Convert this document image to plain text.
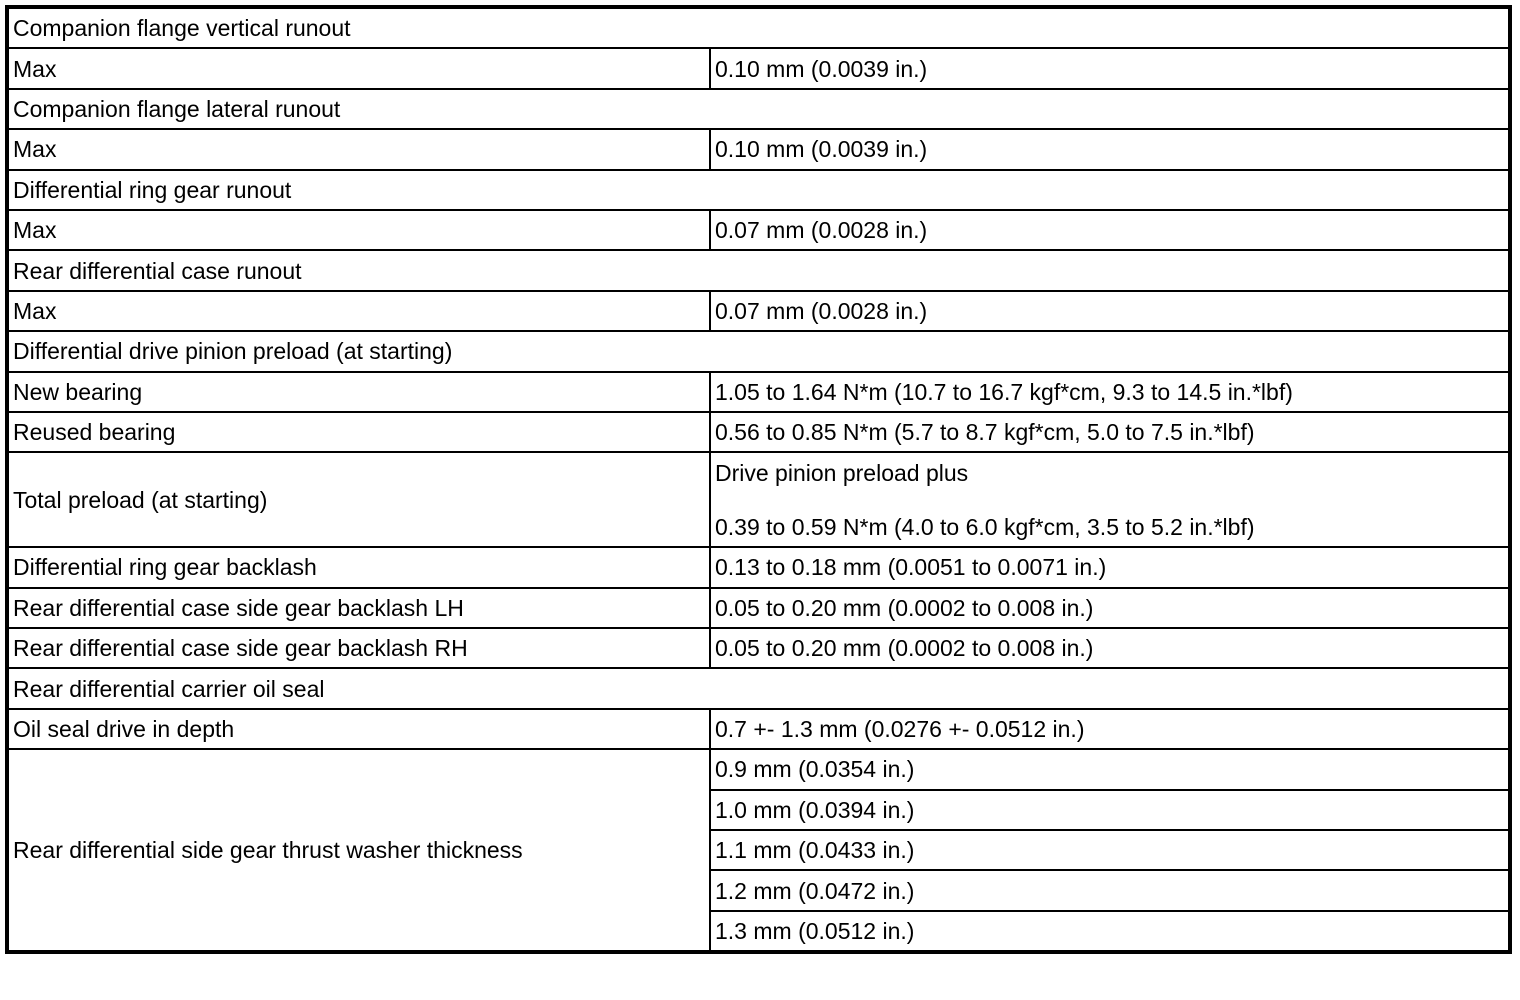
Companion flange vertical runout	
Max	0.10 mm (0.0039 in.)
Companion flange lateral runout	
Max	0.10 mm (0.0039 in.)
Differential ring gear runout	
Max	0.07 mm (0.0028 in.)
Rear differential case runout	
Max	0.07 mm (0.0028 in.)
Differential drive pinion preload (at starting)	
New bearing	1.05 to 1.64 N*m (10.7 to 16.7 kgf*cm, 9.3 to 14.5 in.*lbf)
Reused bearing	0.56 to 0.85 N*m (5.7 to 8.7 kgf*cm, 5.0 to 7.5 in.*lbf)
Total preload (at starting)	Drive pinion preload plus
0.39 to 0.59 N*m (4.0 to 6.0 kgf*cm, 3.5 to 5.2 in.*lbf)

Differential ring gear backlash	0.13 to 0.18 mm (0.0051 to 0.0071 in.)
Rear differential case side gear backlash LH	0.05 to 0.20 mm (0.0002 to 0.008 in.)
Rear differential case side gear backlash RH	0.05 to 0.20 mm (0.0002 to 0.008 in.)
Rear differential carrier oil seal	
Oil seal drive in depth	0.7 +- 1.3 mm (0.0276 +- 0.0512 in.)
Rear differential side gear thrust washer thickness	0.9 mm (0.0354 in.)
	1.0 mm (0.0394 in.)
	1.1 mm (0.0433 in.)
	1.2 mm (0.0472 in.)
	1.3 mm (0.0512 in.)
